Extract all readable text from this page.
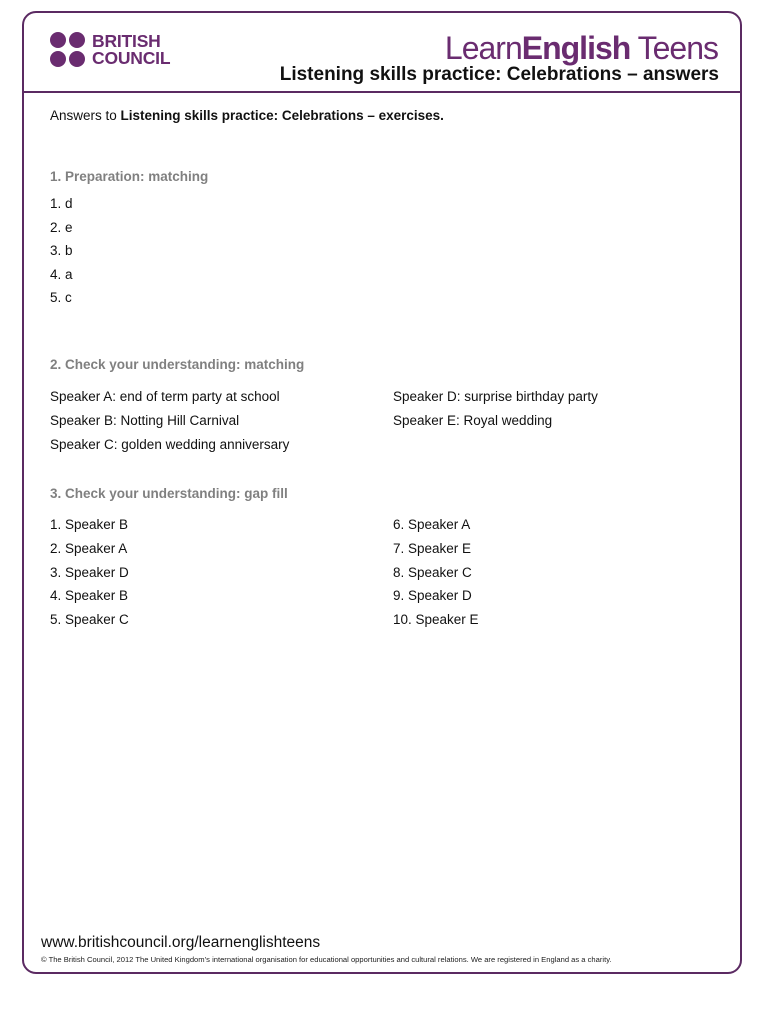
BRITISH
COUNCIL	LearnEnglish Teens
Listening skills practice: Celebrations – answers
Answers to Listening skills practice: Celebrations – exercises.
1. Preparation: matching
1. d
2. e
3. b
4. a
5. c
2. Check your understanding: matching
Speaker A: end of term party at school
Speaker B: Notting Hill Carnival
Speaker C: golden wedding anniversary
Speaker D: surprise birthday party
Speaker E: Royal wedding
3. Check your understanding: gap fill
1. Speaker B
2. Speaker A
3. Speaker D
4. Speaker B
5. Speaker C
6. Speaker A
7. Speaker E
8. Speaker C
9. Speaker D
10. Speaker E
www.britishcouncil.org/learnenglishteens
© The British Council, 2012 The United Kingdom’s international organisation for educational opportunities and cultural relations. We are registered in England as a charity.
